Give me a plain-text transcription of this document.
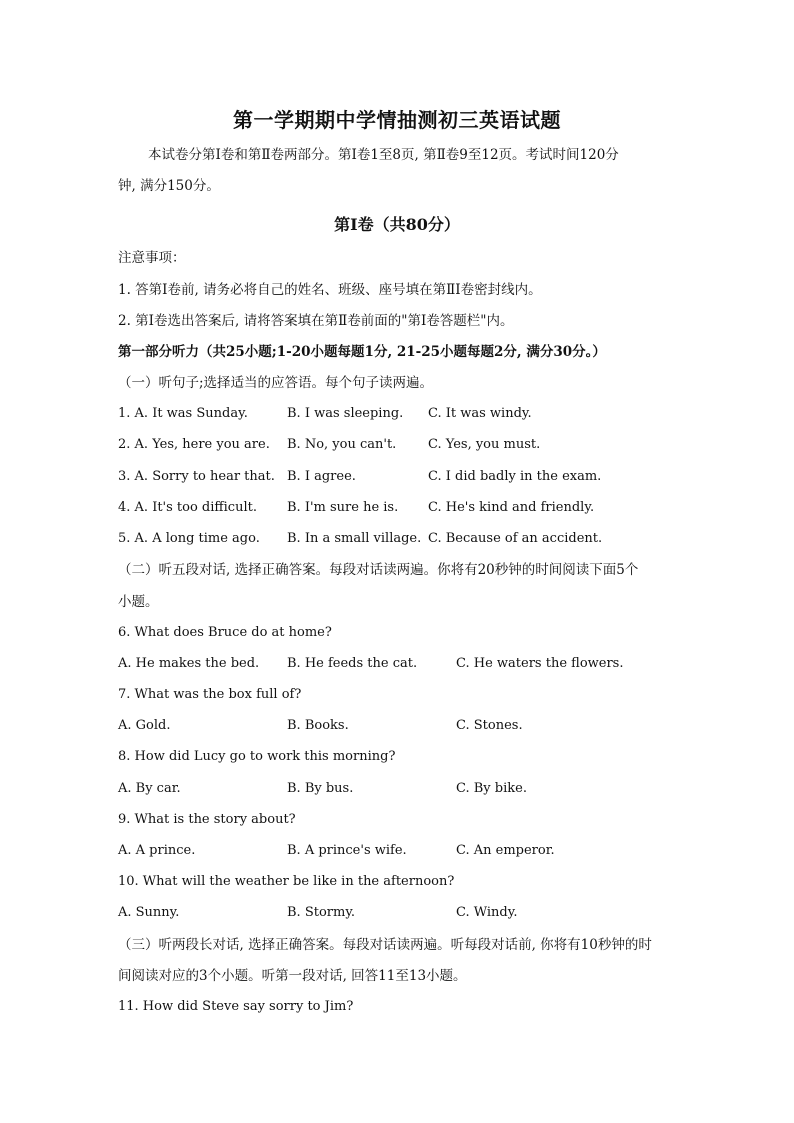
第一学期期中学情抽测初三英语试题
本试卷分第Ⅰ卷和第Ⅱ卷两部分。第Ⅰ卷1至8页, 第Ⅱ卷9至12页。考试时间120分
钟, 满分150分。
第Ⅰ卷（共80分）
注意事项：
1. 答第Ⅰ卷前, 请务必将自己的姓名、班级、座号填在第ⅡⅠ卷密封线内。
2. 第Ⅰ卷选出答案后, 请将答案填在第Ⅱ卷前面的"第Ⅰ卷答题栏"内。
第一部分听力（共25小题;1-20小题每题1分, 21-25小题每题2分, 满分30分。）
（一）听句子;选择适当的应答语。每个句子读两遍。
1. A. It was Sunday.	B. I was sleeping. C. It was windy.
2. A. Yes, here you are. B. No, you can't. C. Yes, you must.
3. A. Sorry to hear that. B. I agree.	C. I did badly in the exam.
4. A. It's too difficult. B. I'm sure he is. C. He's kind and friendly.
5. A. A long time ago. B. In a small village. C. Because of an accident.
（二）听五段对话, 选择正确答案。每段对话读两遍。你将有20秒钟的时间阅读下面5个
小题。
6. What does Bruce do at home?
A. He makes the bed. B. He feeds the cat.	C. He waters the flowers.
7. What was the box full of?
A. Gold.	B. Books.	C. Stones.
8. How did Lucy go to work this morning?
A. By car.	B. By bus.	C. By bike.
9. What is the story about?
A. A prince.	B. A prince's wife.	C. An emperor.
10. What will the weather be like in the afternoon?
A. Sunny.	B. Stormy.	C. Windy.
（三）听两段长对话, 选择正确答案。每段对话读两遍。听每段对话前, 你将有10秒钟的时
间阅读对应的3个小题。听第一段对话, 回答11至13小题。
11. How did Steve say sorry to Jim?
